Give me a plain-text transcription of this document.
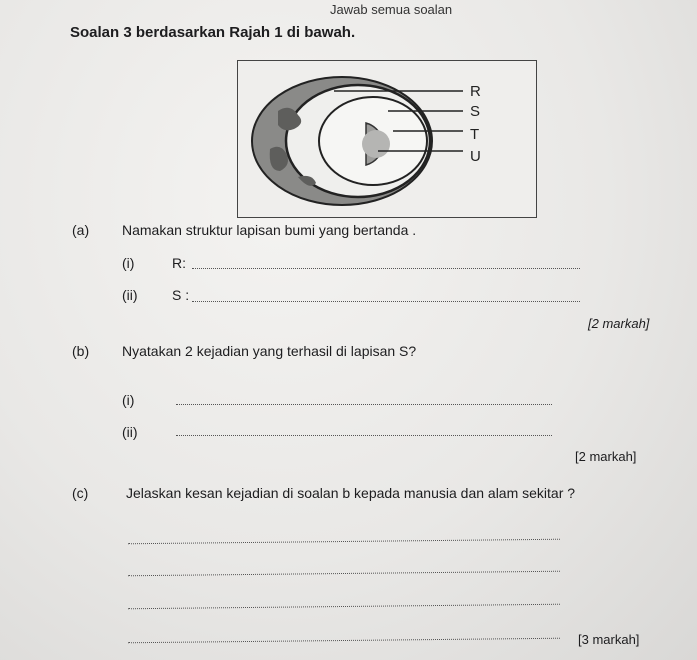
Jawab semua soalan
Soalan 3 berdasarkan Rajah 1 di bawah.
R
S
T
U
(a) Namakan struktur lapisan bumi yang bertanda .
(i)	R:
(ii) S :
[2 markah]
(b) Nyatakan 2 kejadian yang terhasil di lapisan S?
(i)
(ii)
[2 markah]
(c)	Jelaskan kesan kejadian di soalan b kepada manusia dan alam sekitar ?
[3 markah]
